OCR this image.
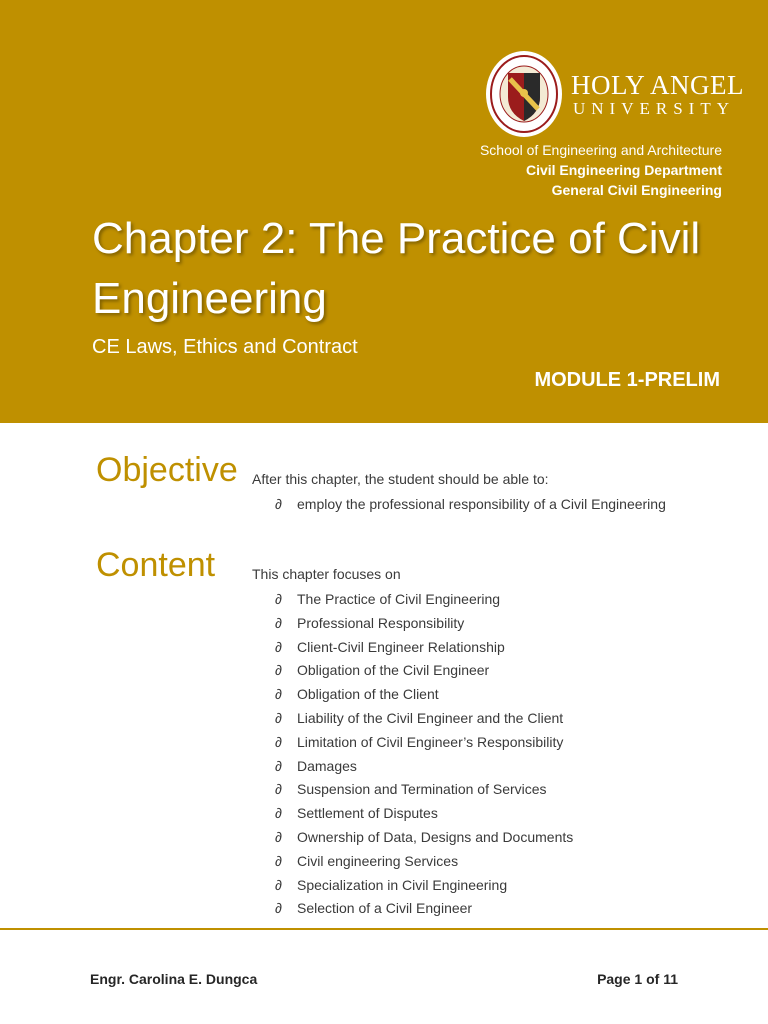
HOLY ANGEL
UNIVERSITY
School of Engineering and Architecture
Civil Engineering Department
General Civil Engineering
Chapter 2: The Practice of Civil Engineering
CE Laws, Ethics and Contract
MODULE 1-PRELIM
Objective After this chapter, the student should be able to:
∂ employ the professional responsibility of a Civil Engineering
Content	This chapter focuses on
∂ The Practice of Civil Engineering
∂ Professional Responsibility
∂ Client-Civil Engineer Relationship
∂ Obligation of the Civil Engineer
∂ Obligation of the Client
∂ Liability of the Civil Engineer and the Client
∂ Limitation of Civil Engineer’s Responsibility
∂ Damages
∂ Suspension and Termination of Services
∂ Settlement of Disputes
∂ Ownership of Data, Designs and Documents
∂ Civil engineering Services
∂ Specialization in Civil Engineering
∂ Selection of a Civil Engineer
Engr. Carolina E. Dungca	Page 1 of 11
